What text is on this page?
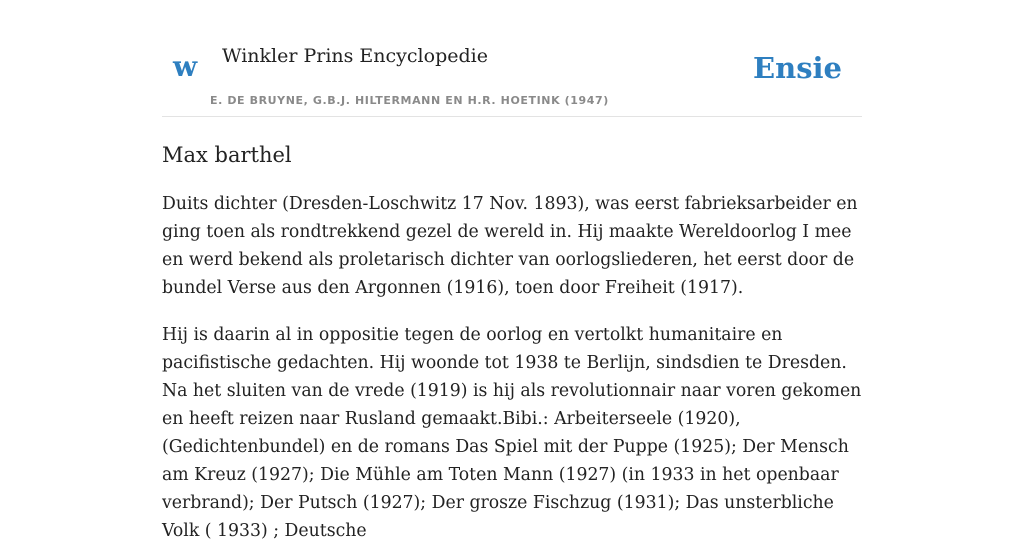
w Winkler Prins Encyclopedie
E. DE BRUYNE, G.B.J. HILTERMANN EN H.R. HOETINK (1947)
Ensie
Max barthel

Duits dichter (Dresden-Loschwitz 17 Nov. 1893), was eerst fabrieksarbeider en ging toen als rondtrekkend gezel de wereld in. Hij maakte Wereldoorlog I mee en werd bekend als proletarisch dichter van oorlogsliederen, het eerst door de bundel Verse aus den Argonnen (1916), toen door Freiheit (1917).

Hij is daarin al in oppositie tegen de oorlog en vertolkt humanitaire en pacifistische gedachten. Hij woonde tot 1938 te Berlijn, sindsdien te Dresden. Na het sluiten van de vrede (1919) is hij als revolutionnair naar voren gekomen en heeft reizen naar Rusland gemaakt.Bibi.: Arbeiterseele (1920), (Gedichtenbundel) en de romans Das Spiel mit der Puppe (1925); Der Mensch am Kreuz (1927); Die Mühle am Toten Mann (1927) (in 1933 in het openbaar verbrand); Der Putsch (1927); Der grosze Fischzug (1931); Das unsterbliche Volk ( 1933) ; Deutsche
